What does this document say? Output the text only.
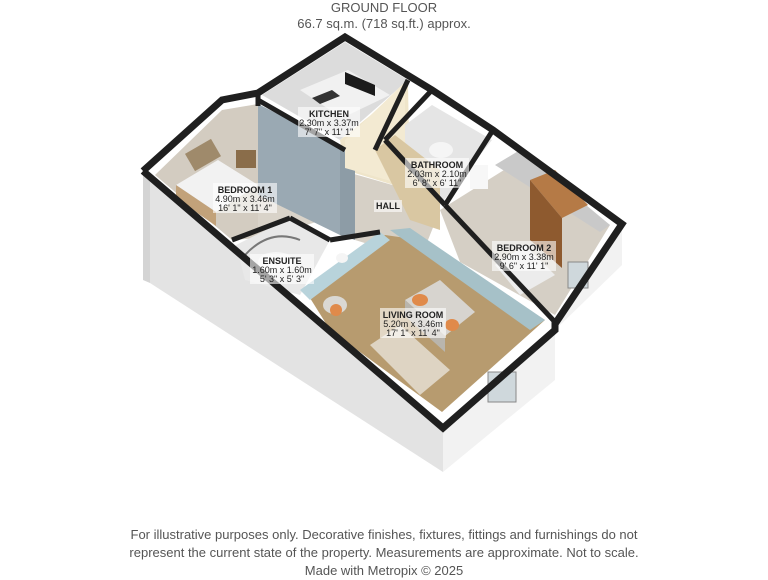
GROUND FLOOR
66.7 sq.m. (718 sq.ft.) approx.
KITCHEN
2.30m x 3.37m
7' 7" x 11' 1"
BEDROOM 1
4.90m x 3.46m
16' 1" x 11' 4"
BATHROOM
2.03m x 2.10m
6' 8" x 6' 11"
HALL
ENSUITE
1.60m x 1.60m
5' 3" x 5' 3"
BEDROOM 2
2.90m x 3.38m
9' 6" x 11' 1"
LIVING ROOM
5.20m x 3.46m
17' 1" x 11' 4"
For illustrative purposes only. Decorative finishes, fixtures, fittings and furnishings do not
represent the current state of the property. Measurements are approximate. Not to scale.
Made with Metropix © 2025
